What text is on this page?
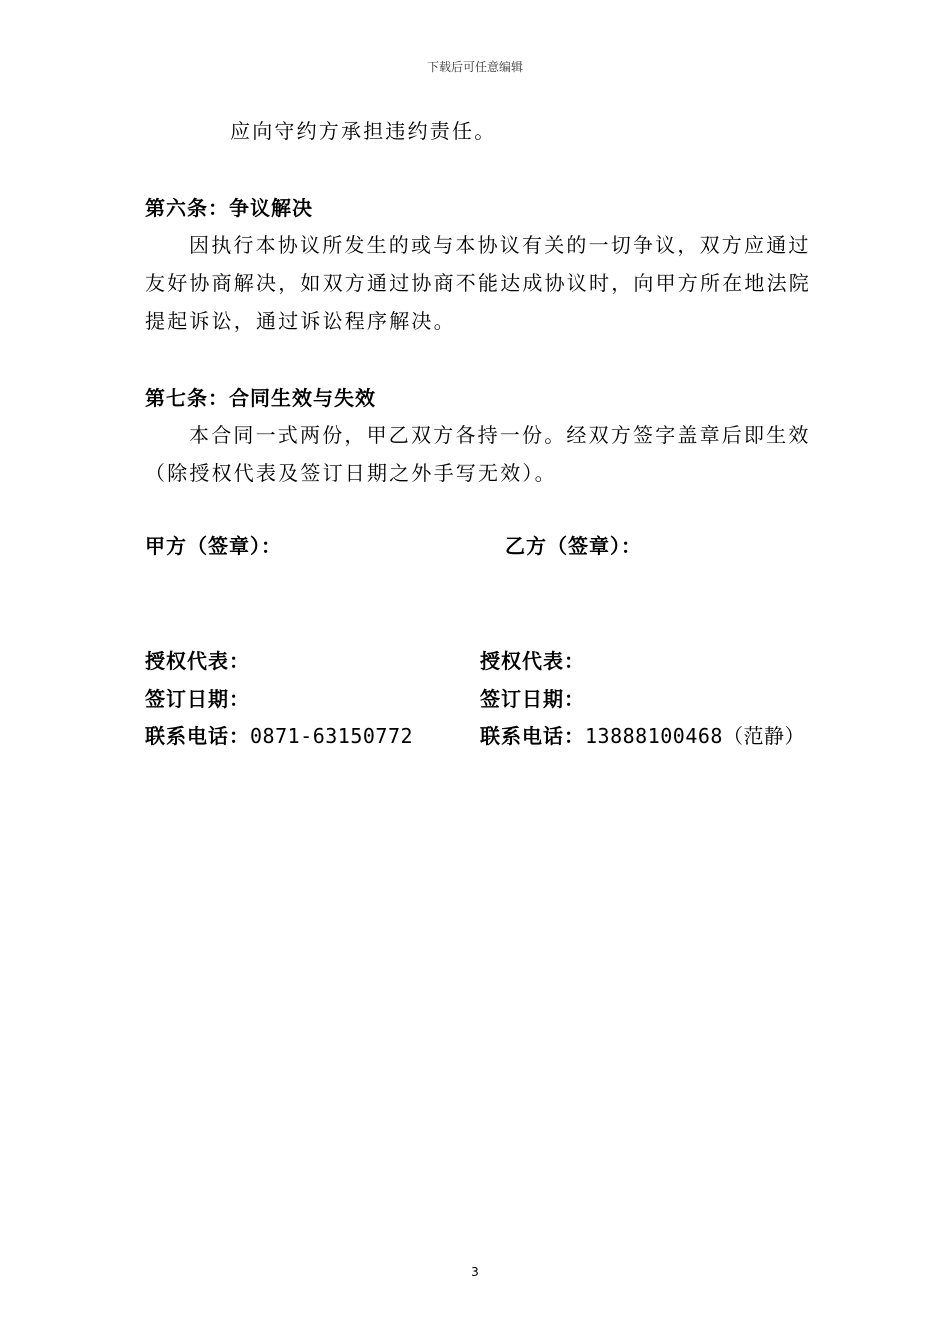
下载后可任意编辑

应向守约方承担违约责任。

第六条：争议解决

因执行本协议所发生的或与本协议有关的一切争议，双方应通过友好协商解决，如双方通过协商不能达成协议时，向甲方所在地法院提起诉讼，通过诉讼程序解决。

第七条：合同生效与失效

本合同一式两份，甲乙双方各持一份。经双方签字盖章后即生效（除授权代表及签订日期之外手写无效）。

甲方（签章）：	乙方（签章）：
授权代表：	授权代表：
签订日期：	签订日期：
联系电话：0871-63150772	联系电话：13888100468（范静）
3
